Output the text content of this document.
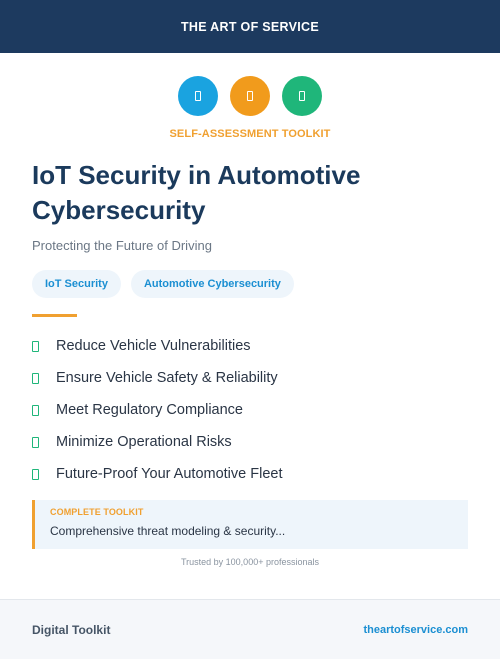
THE ART OF SERVICE
SELF-ASSESSMENT TOOLKIT
IoT Security in Automotive Cybersecurity
Protecting the Future of Driving
IoT Security	Automotive Cybersecurity
Reduce Vehicle Vulnerabilities
Ensure Vehicle Safety & Reliability
Meet Regulatory Compliance
Minimize Operational Risks
Future-Proof Your Automotive Fleet
COMPLETE TOOLKIT
Comprehensive threat modeling & security...
Trusted by 100,000+ professionals
Digital Toolkit	theartofservice.com
